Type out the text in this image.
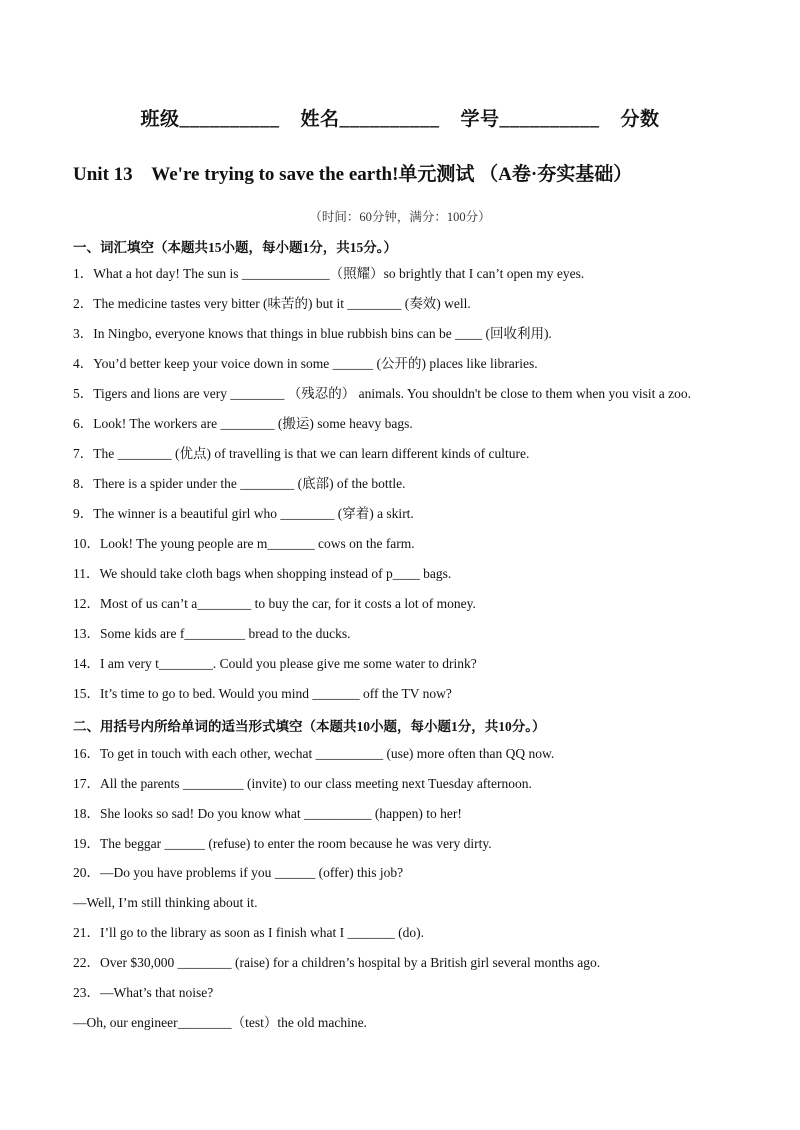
班级__________    姓名__________    学号__________    分数
Unit 13    We're trying to save the earth!单元测试 （A卷·夯实基础）
（时间：60分钟，满分：100分）
一、词汇填空（本题共15小题，每小题1分，共15分。）
1．What a hot day! The sun is _____________（照耀）so brightly that I can’t open my eyes.
2．The medicine tastes very bitter (味苦的) but it ________ (奏效) well.
3．In Ningbo, everyone knows that things in blue rubbish bins can be ____ (回收利用).
4．You’d better keep your voice down in some ______ (公开的) places like libraries.
5．Tigers and lions are very ________ （残忍的） animals. You shouldn't be close to them when you visit a zoo.
6．Look! The workers are ________ (搬运) some heavy bags.
7．The ________ (优点) of travelling is that we can learn different kinds of culture.
8．There is a spider under the ________ (底部) of the bottle.
9．The winner is a beautiful girl who ________ (穿着) a skirt.
10．Look! The young people are m_______ cows on the farm.
11．We should take cloth bags when shopping instead of p____ bags.
12．Most of us can’t a________ to buy the car, for it costs a lot of money.
13．Some kids are f_________ bread to the ducks.
14．I am very t________. Could you please give me some water to drink?
15．It’s time to go to bed. Would you mind _______ off the TV now?
二、用括号内所给单词的适当形式填空（本题共10小题，每小题1分，共10分。）
16．To get in touch with each other, wechat __________ (use) more often than QQ now.
17．All the parents _________ (invite) to our class meeting next Tuesday afternoon.
18．She looks so sad! Do you know what __________ (happen) to her!
19．The beggar ______ (refuse) to enter the room because he was very dirty.
20．—Do you have problems if you ______ (offer) this job?
—Well, I’m still thinking about it.
21．I’ll go to the library as soon as I finish what I _______ (do).
22．Over $30,000 ________ (raise) for a children’s hospital by a British girl several months ago.
23．—What’s that noise?
—Oh, our engineer________（test）the old machine.
